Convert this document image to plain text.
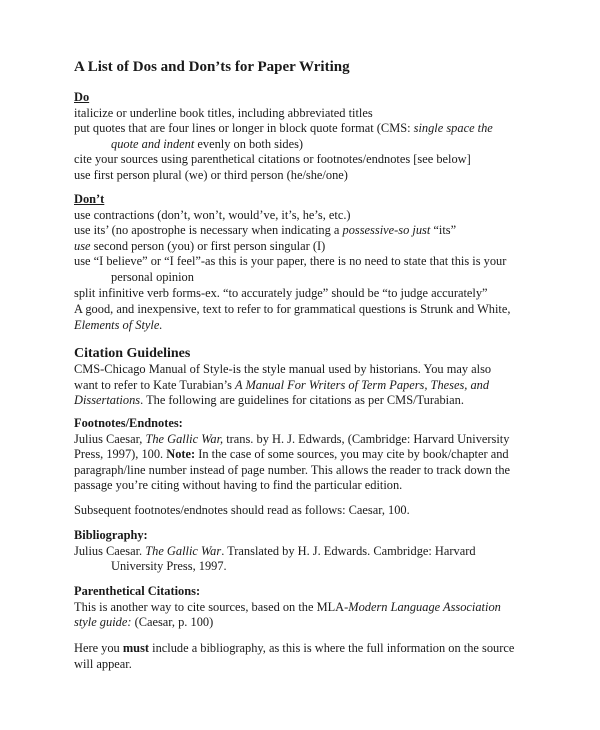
A List of Dos and Don’ts for Paper Writing
Do
italicize or underline book titles, including abbreviated titles
put quotes that are four lines or longer in block quote format (CMS: single space the
quote and indent evenly on both sides)
cite your sources using parenthetical citations or footnotes/endnotes [see below]
use first person plural (we) or third person (he/she/one)
Don’t
use contractions (don’t, won’t, would’ve, it’s, he’s, etc.)
use its’ (no apostrophe is necessary when indicating a possessive-so just “its”
use second person (you) or first person singular (I)
use “I believe” or “I feel”-as this is your paper, there is no need to state that this is your
personal opinion
split infinitive verb forms-ex. “to accurately judge” should be “to judge accurately”
A good, and inexpensive, text to refer to for grammatical questions is Strunk and White,
Elements of Style.
Citation Guidelines
CMS-Chicago Manual of Style-is the style manual used by historians. You may also
want to refer to Kate Turabian’s A Manual For Writers of Term Papers, Theses, and
Dissertations. The following are guidelines for citations as per CMS/Turabian.
Footnotes/Endnotes:
Julius Caesar, The Gallic War, trans. by H. J. Edwards, (Cambridge: Harvard University
Press, 1997), 100. Note: In the case of some sources, you may cite by book/chapter and
paragraph/line number instead of page number. This allows the reader to track down the
passage you’re citing without having to find the particular edition.
Subsequent footnotes/endnotes should read as follows: Caesar, 100.
Bibliography:
Julius Caesar. The Gallic War. Translated by H. J. Edwards. Cambridge: Harvard
University Press, 1997.
Parenthetical Citations:
This is another way to cite sources, based on the MLA-Modern Language Association
style guide: (Caesar, p. 100)
Here you must include a bibliography, as this is where the full information on the source
will appear.
